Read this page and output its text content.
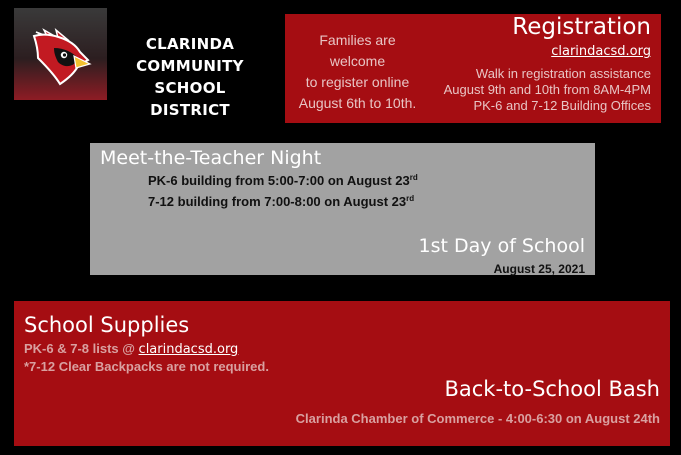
CLARINDA
COMMUNITY
SCHOOL
DISTRICT
Families are
welcome
to register online
August 6th to 10th.
Registration
clarindacsd.org
Walk in registration assistance
August 9th and 10th from 8AM-4PM
PK-6 and 7-12 Building Offices
Meet-the-Teacher Night
PK-6 building from 5:00-7:00 on August 23rd
7-12 building from 7:00-8:00 on August 23rd
1st Day of School
August 25, 2021
School Supplies
PK-6 & 7-8 lists @ clarindacsd.org
*7-12 Clear Backpacks are not required.
Back-to-School Bash
Clarinda Chamber of Commerce - 4:00-6:30 on August 24th
